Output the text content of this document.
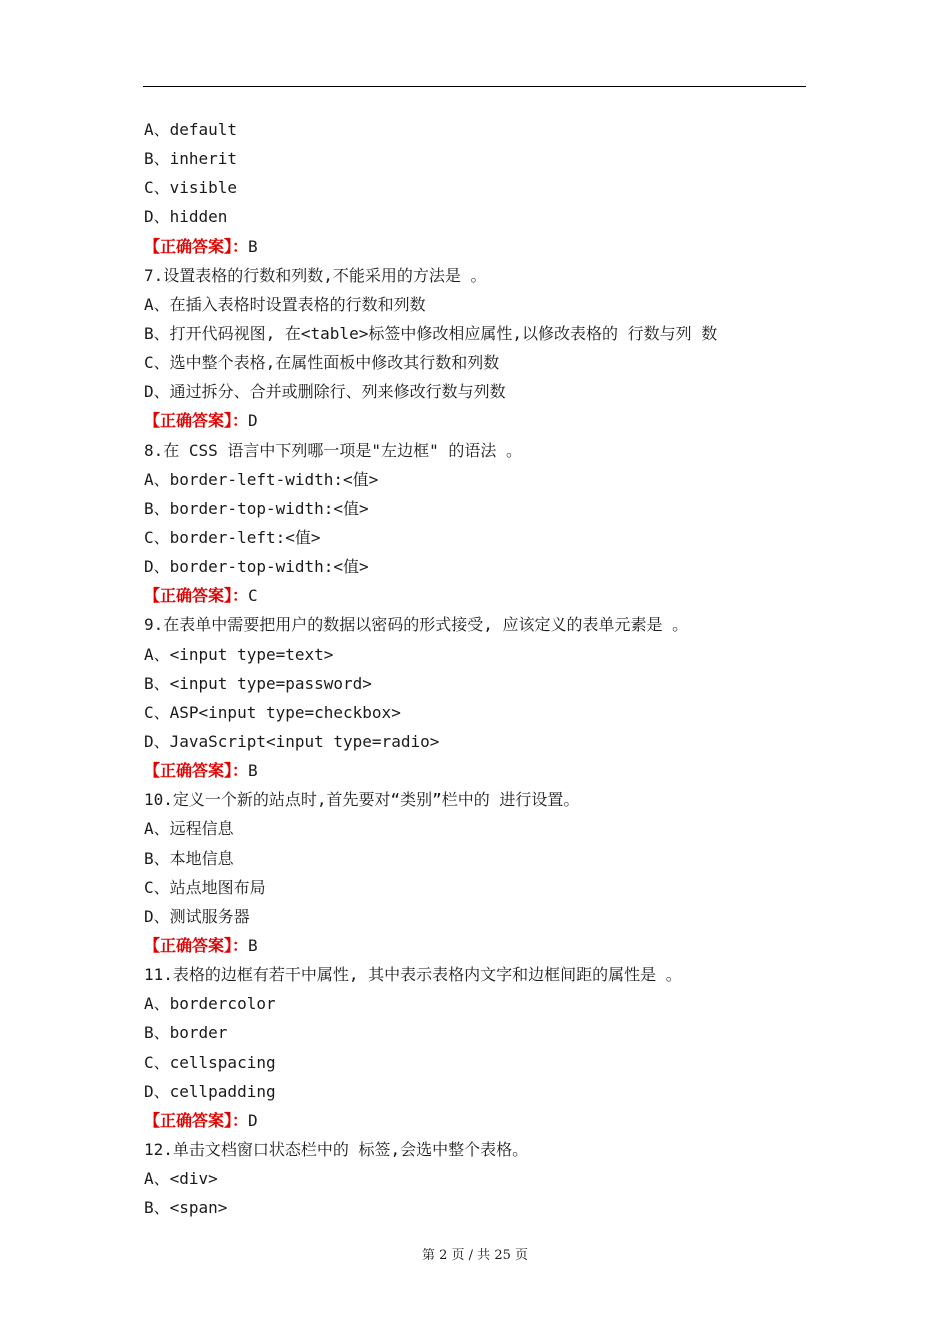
A、default
B、inherit
C、visible
D、hidden
【正确答案】：B
7.设置表格的行数和列数,不能采用的方法是 。
A、在插入表格时设置表格的行数和列数
B、打开代码视图, 在<table>标签中修改相应属性,以修改表格的 行数与列 数
C、选中整个表格,在属性面板中修改其行数和列数
D、通过拆分、合并或删除行、列来修改行数与列数
【正确答案】：D
8.在 CSS 语言中下列哪一项是"左边框" 的语法 。
A、border-left-width:<值>
B、border-top-width:<值>
C、border-left:<值>
D、border-top-width:<值>
【正确答案】：C
9.在表单中需要把用户的数据以密码的形式接受, 应该定义的表单元素是 。
A、<input type=text>
B、<input type=password>
C、ASP<input type=checkbox>
D、JavaScript<input type=radio>
【正确答案】：B
10.定义一个新的站点时,首先要对“类别”栏中的 进行设置。
A、远程信息
B、本地信息
C、站点地图布局
D、测试服务器
【正确答案】：B
11.表格的边框有若干中属性, 其中表示表格内文字和边框间距的属性是 。
A、bordercolor
B、border
C、cellspacing
D、cellpadding
【正确答案】：D
12.单击文档窗口状态栏中的 标签,会选中整个表格。
A、<div>
B、<span>
第 2 页 / 共 25 页
